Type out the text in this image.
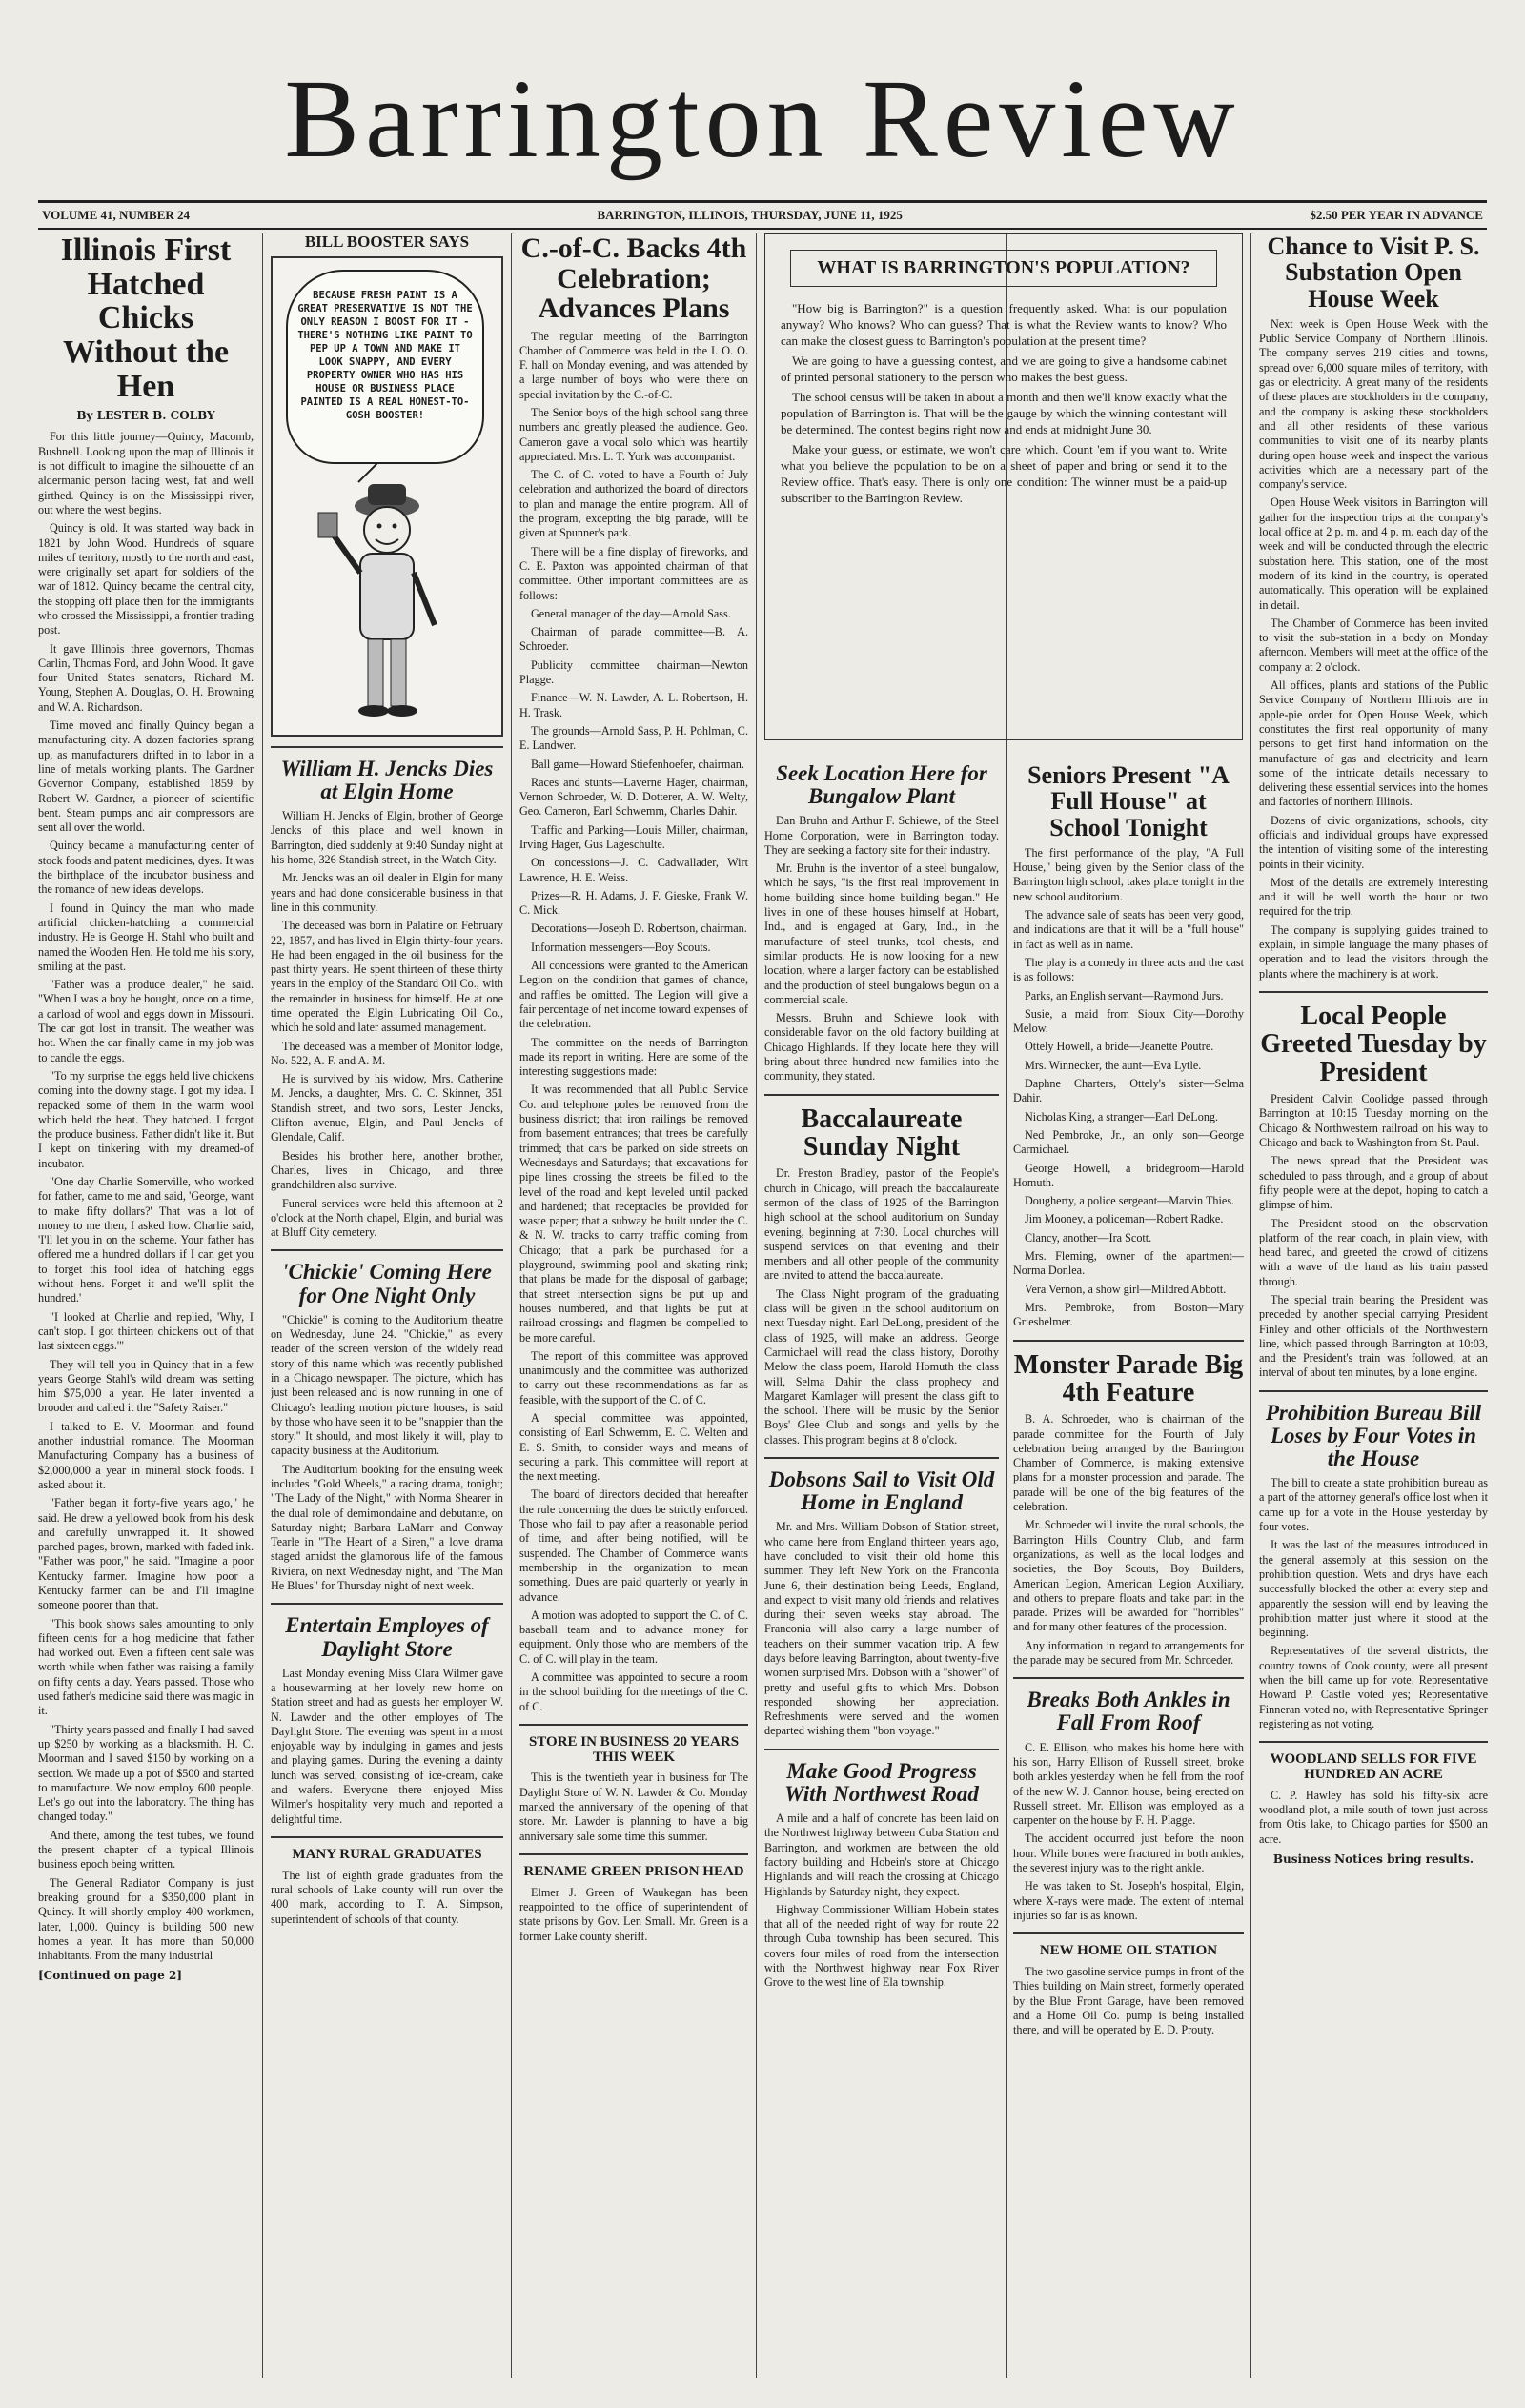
Barrington Review
VOLUME 41, NUMBER 24	BARRINGTON, ILLINOIS, THURSDAY, JUNE 11, 1925	$2.50 PER YEAR IN ADVANCE
Illinois First Hatched Chicks Without the Hen
By LESTER B. COLBY

For this little journey—Quincy, Macomb, Bushnell. Looking upon the map of Illinois it is not difficult to imagine the silhouette of an aldermanic person facing west, fat and well girthed. Quincy is on the Mississippi river, out where the west begins.

Quincy is old. It was started 'way back in 1821 by John Wood. Hundreds of square miles of territory, mostly to the north and east, were originally set apart for soldiers of the war of 1812. Quincy became the central city, the stopping off place then for the immigrants who crossed the Mississippi, a frontier trading post.

It gave Illinois three governors, Thomas Carlin, Thomas Ford, and John Wood. It gave four United States senators, Richard M. Young, Stephen A. Douglas, O. H. Browning and W. A. Richardson.

Time moved and finally Quincy began a manufacturing city. A dozen factories sprang up, as manufacturers drifted in to labor in a line of metals working plants. The Gardner Governor Company, established 1859 by Robert W. Gardner, a pioneer of scientific bent. Steam pumps and air compressors are sent all over the world.

Quincy became a manufacturing center of stock foods and patent medicines, dyes. It was the birthplace of the incubator business and the romance of new ideas develops.

I found in Quincy the man who made artificial chicken-hatching a commercial industry. He is George H. Stahl who built and named the Wooden Hen. He told me his story, smiling at the past.

"Father was a produce dealer," he said. "When I was a boy he bought, once on a time, a carload of wool and eggs down in Missouri. The car got lost in transit. The weather was hot. When the car finally came in my job was to candle the eggs.

"To my surprise the eggs held live chickens coming into the downy stage. I got my idea. I repacked some of them in the warm wool which held the heat. They hatched. I forgot the produce business. Father didn't like it. But I kept on tinkering with my dreamed-of incubator.

"One day Charlie Somerville, who worked for father, came to me and said, 'George, want to make fifty dollars?' That was a lot of money to me then, I asked how. Charlie said, 'I'll let you in on the scheme. Your father has offered me a hundred dollars if I can get you to forget this fool idea of hatching eggs without hens. Forget it and we'll split the hundred.'

"I looked at Charlie and replied, 'Why, I can't stop. I got thirteen chickens out of that last sixteen eggs.'"

They will tell you in Quincy that in a few years George Stahl's wild dream was setting him $75,000 a year. He later invented a brooder and called it the "Safety Raiser."

I talked to E. V. Moorman and found another industrial romance. The Moorman Manufacturing Company has a business of $2,000,000 a year in mineral stock foods. I asked about it.

"Father began it forty-five years ago," he said. He drew a yellowed book from his desk and carefully unwrapped it. It showed parched pages, brown, marked with faded ink. "Father was poor," he said. "Imagine a poor Kentucky farmer. Imagine how poor a Kentucky farmer can be and I'll imagine someone poorer than that.

"This book shows sales amounting to only fifteen cents for a hog medicine that father had worked out. Even a fifteen cent sale was worth while when father was raising a family on fifty cents a day. Years passed. Those who used father's medicine said there was magic in it.

"Thirty years passed and finally I had saved up $250 by working as a blacksmith. H. C. Moorman and I saved $150 by working on a section. We made up a pot of $500 and started to manufacture. We now employ 600 people. Let's go out into the laboratory. The thing has changed today."

And there, among the test tubes, we found the present chapter of a typical Illinois business epoch being written.

The General Radiator Company is just breaking ground for a $350,000 plant in Quincy. It will shortly employ 400 workmen, later, 1,000. Quincy is building 500 new homes a year. It has more than 50,000 inhabitants. From the many industrial

[Continued on page 2]
BILL BOOSTER SAYS

BECAUSE FRESH PAINT IS A GREAT PRESERVATIVE IS NOT THE ONLY REASON I BOOST FOR IT - THERE'S NOTHING LIKE PAINT TO PEP UP A TOWN AND MAKE IT LOOK SNAPPY, AND EVERY PROPERTY OWNER WHO HAS HIS HOUSE OR BUSINESS PLACE PAINTED IS A REAL HONEST-TO-GOSH BOOSTER!

William H. Jencks Dies at Elgin Home

William H. Jencks of Elgin, brother of George Jencks of this place and well known in Barrington, died suddenly at 9:40 Sunday night at his home, 326 Standish street, in the Watch City.

Mr. Jencks was an oil dealer in Elgin for many years and had done considerable business in that line in this community.

The deceased was born in Palatine on February 22, 1857, and has lived in Elgin thirty-four years. He had been engaged in the oil business for the past thirty years. He spent thirteen of these thirty years in the employ of the Standard Oil Co., with the remainder in business for himself. He at one time operated the Elgin Lubricating Oil Co., which he sold and later assumed management.

The deceased was a member of Monitor lodge, No. 522, A. F. and A. M.

He is survived by his widow, Mrs. Catherine M. Jencks, a daughter, Mrs. C. C. Skinner, 351 Standish street, and two sons, Lester Jencks, Clifton avenue, Elgin, and Paul Jencks of Glendale, Calif.

Besides his brother here, another brother, Charles, lives in Chicago, and three grandchildren also survive.

Funeral services were held this afternoon at 2 o'clock at the North chapel, Elgin, and burial was at Bluff City cemetery.

'Chickie' Coming Here for One Night Only

"Chickie" is coming to the Auditorium theatre on Wednesday, June 24. "Chickie," as every reader of the screen version of the widely read story of this name which was recently published in a Chicago newspaper. The picture, which has just been released and is now running in one of Chicago's leading motion picture houses, is said by those who have seen it to be "snappier than the story." It should, and most likely it will, play to capacity business at the Auditorium.

The Auditorium booking for the ensuing week includes "Gold Wheels," a racing drama, tonight; "The Lady of the Night," with Norma Shearer in the dual role of demimondaine and debutante, on Saturday night; Barbara LaMarr and Conway Tearle in "The Heart of a Siren," a love drama staged amidst the glamorous life of the famous Riviera, on next Wednesday night, and "The Man He Blues" for Thursday night of next week.

Entertain Employes of Daylight Store

Last Monday evening Miss Clara Wilmer gave a housewarming at her lovely new home on Station street and had as guests her employer W. N. Lawder and the other employes of The Daylight Store. The evening was spent in a most enjoyable way by indulging in games and jests and playing games. During the evening a dainty lunch was served, consisting of ice-cream, cake and wafers. Everyone there enjoyed Miss Wilmer's hospitality very much and reported a delightful time.

MANY RURAL GRADUATES

The list of eighth grade graduates from the rural schools of Lake county will run over the 400 mark, according to T. A. Simpson, superintendent of schools of that county.

C.-of-C. Backs 4th Celebration; Advances Plans

The regular meeting of the Barrington Chamber of Commerce was held in the I. O. O. F. hall on Monday evening, and was attended by a large number of boys who were there on special invitation by the C.-of-C.

The Senior boys of the high school sang three numbers and greatly pleased the audience. Geo. Cameron gave a vocal solo which was heartily appreciated. Mrs. L. T. York was accompanist.

The C. of C. voted to have a Fourth of July celebration and authorized the board of directors to plan and manage the entire program. All of the program, excepting the big parade, will be given at Spunner's park.

There will be a fine display of fireworks, and C. E. Paxton was appointed chairman of that committee. Other important committees are as follows:

General manager of the day—Arnold Sass.

Chairman of parade committee—B. A. Schroeder.

Publicity committee chairman—Newton Plagge.

Finance—W. N. Lawder, A. L. Robertson, H. H. Trask.

The grounds—Arnold Sass, P. H. Pohlman, C. E. Landwer.

Ball game—Howard Stiefenhoefer, chairman.

Races and stunts—Laverne Hager, chairman, Vernon Schroeder, W. D. Dotterer, A. W. Welty, Geo. Cameron, Earl Schwemm, Charles Dahir.

Traffic and Parking—Louis Miller, chairman, Irving Hager, Gus Lageschulte.

On concessions—J. C. Cadwallader, Wirt Lawrence, H. E. Weiss.

Prizes—R. H. Adams, J. F. Gieske, Frank W. C. Mick.

Decorations—Joseph D. Robertson, chairman.

Information messengers—Boy Scouts.

All concessions were granted to the American Legion on the condition that games of chance, and raffles be omitted. The Legion will give a fair percentage of net income toward expenses of the celebration.

The committee on the needs of Barrington made its report in writing. Here are some of the interesting suggestions made:

It was recommended that all Public Service Co. and telephone poles be removed from the business district; that iron railings be removed from basement entrances; that trees be carefully trimmed; that cars be parked on side streets on Wednesdays and Saturdays; that excavations for pipe lines crossing the streets be filled to the level of the road and kept leveled until packed and hardened; that receptacles be provided for waste paper; that a subway be built under the C. & N. W. tracks to carry traffic coming from Chicago; that a park be purchased for a playground, swimming pool and skating rink; that plans be made for the disposal of garbage; that street intersection signs be put up and houses numbered, and that lights be put at railroad crossings and flagmen be compelled to be more careful.

The report of this committee was approved unanimously and the committee was authorized to carry out these recommendations as far as feasible, with the support of the C. of C.

A special committee was appointed, consisting of Earl Schwemm, E. C. Welten and E. S. Smith, to consider ways and means of securing a park. This committee will report at the next meeting.

The board of directors decided that hereafter the rule concerning the dues be strictly enforced. Those who fail to pay after a reasonable period of time, and after being notified, will be suspended. The Chamber of Commerce wants membership in the organization to mean something. Dues are paid quarterly or yearly in advance.

A motion was adopted to support the C. of C. baseball team and to advance money for equipment. Only those who are members of the C. of C. will play in the team.

A committee was appointed to secure a room in the school building for the meetings of the C. of C.

STORE IN BUSINESS 20 YEARS THIS WEEK

This is the twentieth year in business for The Daylight Store of W. N. Lawder & Co. Monday marked the anniversary of the opening of that store. Mr. Lawder is planning to have a big anniversary sale some time this summer.

RENAME GREEN PRISON HEAD

Elmer J. Green of Waukegan has been reappointed to the office of superintendent of state prisons by Gov. Len Small. Mr. Green is a former Lake county sheriff.

WHAT IS BARRINGTON'S POPULATION?

"How big is Barrington?" is a question frequently asked. What is our population anyway? Who knows? Who can guess? That is what the Review wants to know? Who can make the closest guess to Barrington's population at the present time?

We are going to have a guessing contest, and we are going to give a handsome cabinet of printed personal stationery to the person who makes the best guess.

The school census will be taken in about a month and then we'll know exactly what the population of Barrington is. That will be the gauge by which the winning contestant will be determined. The contest begins right now and ends at midnight June 30.

Make your guess, or estimate, we won't care which. Count 'em if you want to. Write what you believe the population to be on a sheet of paper and bring or send it to the Review office. That's easy. There is only one condition: The winner must be a paid-up subscriber to the Barrington Review.

Seek Location Here for Bungalow Plant

Dan Bruhn and Arthur F. Schiewe, of the Steel Home Corporation, were in Barrington today. They are seeking a factory site for their industry.

Mr. Bruhn is the inventor of a steel bungalow, which he says, "is the first real improvement in home building since home building began." He lives in one of these houses himself at Hobart, Ind., and is engaged at Gary, Ind., in the manufacture of steel trunks, tool chests, and similar products. He is now looking for a new location, where a larger factory can be established and the production of steel bungalows begun on a commercial scale.

Messrs. Bruhn and Schiewe look with considerable favor on the old factory building at Chicago Highlands. If they locate here they will bring about three hundred new families into the community, they stated.

Baccalaureate Sunday Night

Dr. Preston Bradley, pastor of the People's church in Chicago, will preach the baccalaureate sermon of the class of 1925 of the Barrington high school at the school auditorium on Sunday evening, beginning at 7:30. Local churches will suspend services on that evening and their members and all other people of the community are invited to attend the baccalaureate.

The Class Night program of the graduating class will be given in the school auditorium on next Tuesday night. Earl DeLong, president of the class of 1925, will make an address. George Carmichael will read the class history, Dorothy Melow the class poem, Harold Homuth the class will, Selma Dahir the class prophecy and Margaret Kamlager will present the class gift to the school. There will be music by the Senior Boys' Glee Club and songs and yells by the classes. This program begins at 8 o'clock.

Dobsons Sail to Visit Old Home in England

Mr. and Mrs. William Dobson of Station street, who came here from England thirteen years ago, have concluded to visit their old home this summer. They left New York on the Franconia June 6, their destination being Leeds, England, and expect to visit many old friends and relatives during their seven weeks stay abroad. The Franconia will also carry a large number of teachers on their summer vacation trip. A few days before leaving Barrington, about twenty-five women surprised Mrs. Dobson with a "shower" of pretty and useful gifts to which Mrs. Dobson responded showing her appreciation. Refreshments were served and the women departed wishing them "bon voyage."

Make Good Progress With Northwest Road

A mile and a half of concrete has been laid on the Northwest highway between Cuba Station and Barrington, and workmen are between the old factory building and Hobein's store at Chicago Highlands and will reach the crossing at Chicago Highlands by Saturday night, they expect.

Highway Commissioner William Hobein states that all of the needed right of way for route 22 through Cuba township has been secured. This covers four miles of road from the intersection with the Northwest highway near Fox River Grove to the west line of Ela township.

Seniors Present "A Full House" at School Tonight

The first performance of the play, "A Full House," being given by the Senior class of the Barrington high school, takes place tonight in the new school auditorium.

The advance sale of seats has been very good, and indications are that it will be a "full house" in fact as well as in name.

The play is a comedy in three acts and the cast is as follows:

Parks, an English servant—Raymond Jurs.

Susie, a maid from Sioux City—Dorothy Melow.

Ottely Howell, a bride—Jeanette Poutre.

Mrs. Winnecker, the aunt—Eva Lytle.

Daphne Charters, Ottely's sister—Selma Dahir.

Nicholas King, a stranger—Earl DeLong.

Ned Pembroke, Jr., an only son—George Carmichael.

George Howell, a bridegroom—Harold Homuth.

Dougherty, a police sergeant—Marvin Thies.

Jim Mooney, a policeman—Robert Radke.

Clancy, another—Ira Scott.

Mrs. Fleming, owner of the apartment—Norma Donlea.

Vera Vernon, a show girl—Mildred Abbott.

Mrs. Pembroke, from Boston—Mary Grieshelmer.

Monster Parade Big 4th Feature

B. A. Schroeder, who is chairman of the parade committee for the Fourth of July celebration being arranged by the Barrington Chamber of Commerce, is making extensive plans for a monster procession and parade. The parade will be one of the big features of the celebration.

Mr. Schroeder will invite the rural schools, the Barrington Hills Country Club, and farm organizations, as well as the local lodges and societies, the Boy Scouts, Boy Builders, American Legion, American Legion Auxiliary, and others to prepare floats and take part in the parade. Prizes will be awarded for "horribles" and for many other features of the procession.

Any information in regard to arrangements for the parade may be secured from Mr. Schroeder.

Breaks Both Ankles in Fall From Roof

C. E. Ellison, who makes his home here with his son, Harry Ellison of Russell street, broke both ankles yesterday when he fell from the roof of the new W. J. Cannon house, being erected on Russell street. Mr. Ellison was employed as a carpenter on the house by F. H. Plagge.

The accident occurred just before the noon hour. While bones were fractured in both ankles, the severest injury was to the right ankle.

He was taken to St. Joseph's hospital, Elgin, where X-rays were made. The extent of internal injuries so far is as known.

NEW HOME OIL STATION

The two gasoline service pumps in front of the Thies building on Main street, formerly operated by the Blue Front Garage, have been removed and a Home Oil Co. pump is being installed there, and will be operated by E. D. Prouty.

Chance to Visit P. S. Substation Open House Week

Next week is Open House Week with the Public Service Company of Northern Illinois. The company serves 219 cities and towns, spread over 6,000 square miles of territory, with gas or electricity. A great many of the residents of these places are stockholders in the company, and the company is asking these stockholders and all other residents of these various communities to visit one of its nearby plants during open house week and inspect the various activities which are a necessary part of the company's service.

Open House Week visitors in Barrington will gather for the inspection trips at the company's local office at 2 p. m. and 4 p. m. each day of the week and will be conducted through the electric substation here. This station, one of the most modern of its kind in the country, is operated automatically. This operation will be explained in detail.

The Chamber of Commerce has been invited to visit the sub-station in a body on Monday afternoon. Members will meet at the office of the company at 2 o'clock.

All offices, plants and stations of the Public Service Company of Northern Illinois are in apple-pie order for Open House Week, which constitutes the first real opportunity of many persons to get first hand information on the manufacture of gas and electricity and learn some of the intricate details necessary to delivering these essential services into the homes and factories of northern Illinois.

Dozens of civic organizations, schools, city officials and individual groups have expressed the intention of visiting some of the interesting points in their vicinity.

Most of the details are extremely interesting and it will be well worth the hour or two required for the trip.

The company is supplying guides trained to explain, in simple language the many phases of operation and to lead the visitors through the plants where the machinery is at work.

Local People Greeted Tuesday by President

President Calvin Coolidge passed through Barrington at 10:15 Tuesday morning on the Chicago & Northwestern railroad on his way to Chicago and back to Washington from St. Paul.

The news spread that the President was scheduled to pass through, and a group of about fifty people were at the depot, hoping to catch a glimpse of him.

The President stood on the observation platform of the rear coach, in plain view, with head bared, and greeted the crowd of citizens with a wave of the hand as his train passed through.

The special train bearing the President was preceded by another special carrying President Finley and other officials of the Northwestern line, which passed through Barrington at 10:03, and the President's train was followed, at an interval of about ten minutes, by a lone engine.

Prohibition Bureau Bill Loses by Four Votes in the House

The bill to create a state prohibition bureau as a part of the attorney general's office lost when it came up for a vote in the House yesterday by four votes.

It was the last of the measures introduced in the general assembly at this session on the prohibition question. Wets and drys have each successfully blocked the other at every step and apparently the session will end by leaving the prohibition matter just where it stood at the beginning.

Representatives of the several districts, the country towns of Cook county, were all present when the bill came up for vote. Representative Howard P. Castle voted yes; Representative Finneran voted no, with Representative Springer registering as not voting.

WOODLAND SELLS FOR FIVE HUNDRED AN ACRE

C. P. Hawley has sold his fifty-six acre woodland plot, a mile south of town just across from Otis lake, to Chicago parties for $500 an acre.

Business Notices bring results.
